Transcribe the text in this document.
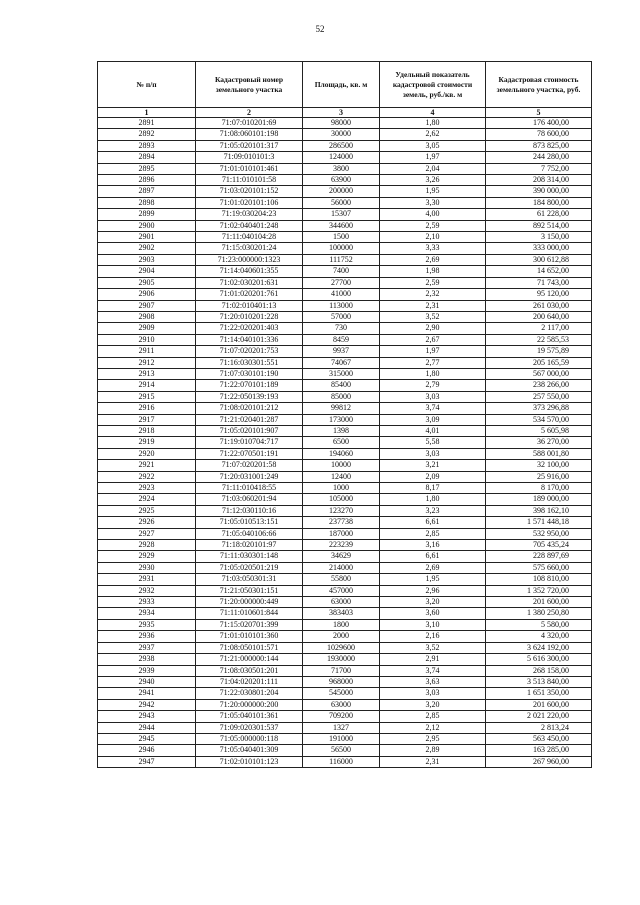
52
№ п/п	Кадастровый номер земельного участка	Площадь, кв. м	Удельный показатель кадастровой стоимости земель, руб./кв. м	Кадастровая стоимость земельного участка, руб.
1	2	3	4	5
2891	71:07:010201:69	98000	1,80	176 400,00
2892	71:08:060101:198	30000	2,62	78 600,00
2893	71:05:020101:317	286500	3,05	873 825,00
2894	71:09:010101:3	124000	1,97	244 280,00
2895	71:01:010101:461	3800	2,04	7 752,00
2896	71:11:010101:58	63900	3,26	208 314,00
2897	71:03:020101:152	200000	1,95	390 000,00
2898	71:01:020101:106	56000	3,30	184 800,00
2899	71:19:030204:23	15307	4,00	61 228,00
2900	71:02:040401:248	344600	2,59	892 514,00
2901	71:11:040104:28	1500	2,10	3 150,00
2902	71:15:030201:24	100000	3,33	333 000,00
2903	71:23:000000:1323	111752	2,69	300 612,88
2904	71:14:040601:355	7400	1,98	14 652,00
2905	71:02:030201:631	27700	2,59	71 743,00
2906	71:01:020201:761	41000	2,32	95 120,00
2907	71:02:010401:13	113000	2,31	261 030,00
2908	71:20:010201:228	57000	3,52	200 640,00
2909	71:22:020201:403	730	2,90	2 117,00
2910	71:14:040101:336	8459	2,67	22 585,53
2911	71:07:020201:753	9937	1,97	19 575,89
2912	71:16:030301:551	74067	2,77	205 165,59
2913	71:07:030101:190	315000	1,80	567 000,00
2914	71:22:070101:189	85400	2,79	238 266,00
2915	71:22:050139:193	85000	3,03	257 550,00
2916	71:08:020101:212	99812	3,74	373 296,88
2917	71:21:020401:287	173000	3,09	534 570,00
2918	71:05:020101:907	1398	4,01	5 605,98
2919	71:19:010704:717	6500	5,58	36 270,00
2920	71:22:070501:191	194060	3,03	588 001,80
2921	71:07:020201:58	10000	3,21	32 100,00
2922	71:20:031001:249	12400	2,09	25 916,00
2923	71:11:010418:55	1000	8,17	8 170,00
2924	71:03:060201:94	105000	1,80	189 000,00
2925	71:12:030110:16	123270	3,23	398 162,10
2926	71:05:010513:151	237738	6,61	1 571 448,18
2927	71:05:040106:66	187000	2,85	532 950,00
2928	71:18:020101:97	223239	3,16	705 435,24
2929	71:11:030301:148	34629	6,61	228 897,69
2930	71:05:020501:219	214000	2,69	575 660,00
2931	71:03:050301:31	55800	1,95	108 810,00
2932	71:21:050301:151	457000	2,96	1 352 720,00
2933	71:20:000000:449	63000	3,20	201 600,00
2934	71:11:010601:844	383403	3,60	1 380 250,80
2935	71:15:020701:399	1800	3,10	5 580,00
2936	71:01:010101:360	2000	2,16	4 320,00
2937	71:08:050101:571	1029600	3,52	3 624 192,00
2938	71:21:000000:144	1930000	2,91	5 616 300,00
2939	71:08:030501:201	71700	3,74	268 158,00
2940	71:04:020201:111	968000	3,63	3 513 840,00
2941	71:22:030801:204	545000	3,03	1 651 350,00
2942	71:20:000000:200	63000	3,20	201 600,00
2943	71:05:040101:361	709200	2,85	2 021 220,00
2944	71:09:020301:537	1327	2,12	2 813,24
2945	71:05:000000:118	191000	2,95	563 450,00
2946	71:05:040401:309	56500	2,89	163 285,00
2947	71:02:010101:123	116000	2,31	267 960,00
